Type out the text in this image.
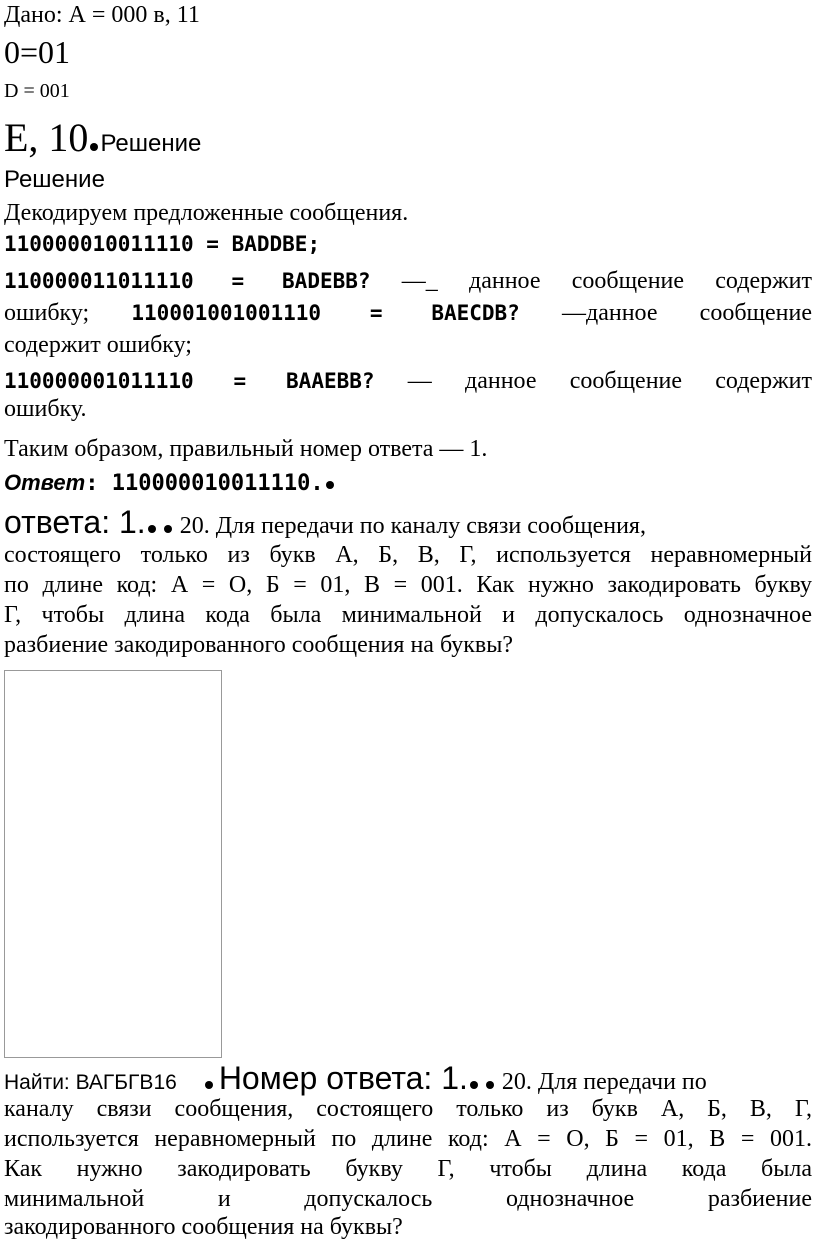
Дано: А = 000 в, 11
0=01
D = 001
E, 10 Решение
Решение
Декодируем предложенные сообщения.
110000010011110 = BADDBE;
110000011011110 = BADEBB? —_ данное сообщение содержит
ошибку; 110001001001110 = BAECDB? —данное сообщение
содержит ошибку;
110000001011110 = BAAEBB? — данное сообщение содержит
ошибку.
Таким образом, правильный номер ответа — 1.
Ответ: 110000010011110.
ответа: 1.  20. Для передачи по каналу связи сообщения,
состоящего только из букв А, Б, В, Г, используется неравномерный
по длине код: А = О, Б = 01, В = 001. Как нужно закодировать букву
Г, чтобы длина кода была минимальной и допускалось однозначное
разбиение закодированного сообщения на буквы?
Найти: ВАГБГВ16 Номер ответа: 1.  20. Для передачи по
каналу связи сообщения, состоящего только из букв А, Б, В, Г,
используется неравномерный по длине код: А = О, Б = 01, В = 001.
Как нужно закодировать букву Г, чтобы длина кода была
минимальной и допускалось однозначное разбиение
закодированного сообщения на буквы?
